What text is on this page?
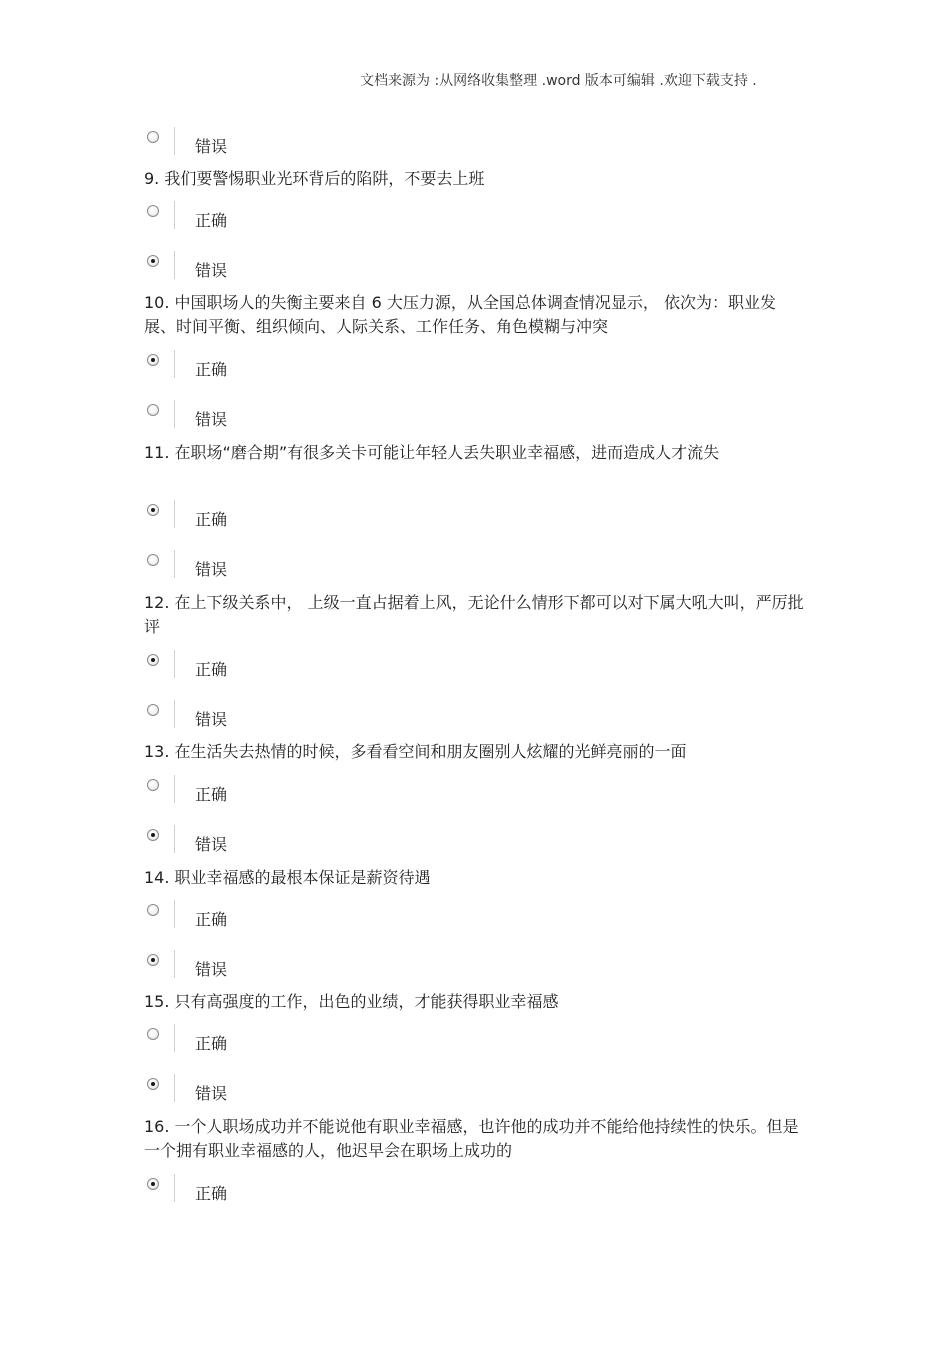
文档来源为 :从网络收集整理 .word 版本可编辑 .欢迎下载支持 .
错误
9. 我们要警惕职业光环背后的陷阱，不要去上班
正确
错误
10. 中国职场人的失衡主要来自 6 大压力源，从全国总体调查情况显示， 依次为：职业发展、时间平衡、组织倾向、人际关系、工作任务、角色模糊与冲突
正确
错误
11. 在职场“磨合期”有很多关卡可能让年轻人丢失职业幸福感，进而造成人才流失
正确
错误
12. 在上下级关系中， 上级一直占据着上风，无论什么情形下都可以对下属大吼大叫，严厉批评
正确
错误
13. 在生活失去热情的时候，多看看空间和朋友圈别人炫耀的光鲜亮丽的一面
正确
错误
14. 职业幸福感的最根本保证是薪资待遇
正确
错误
15. 只有高强度的工作，出色的业绩，才能获得职业幸福感
正确
错误
16. 一个人职场成功并不能说他有职业幸福感，也许他的成功并不能给他持续性的快乐。但是一个拥有职业幸福感的人，他迟早会在职场上成功的
正确
